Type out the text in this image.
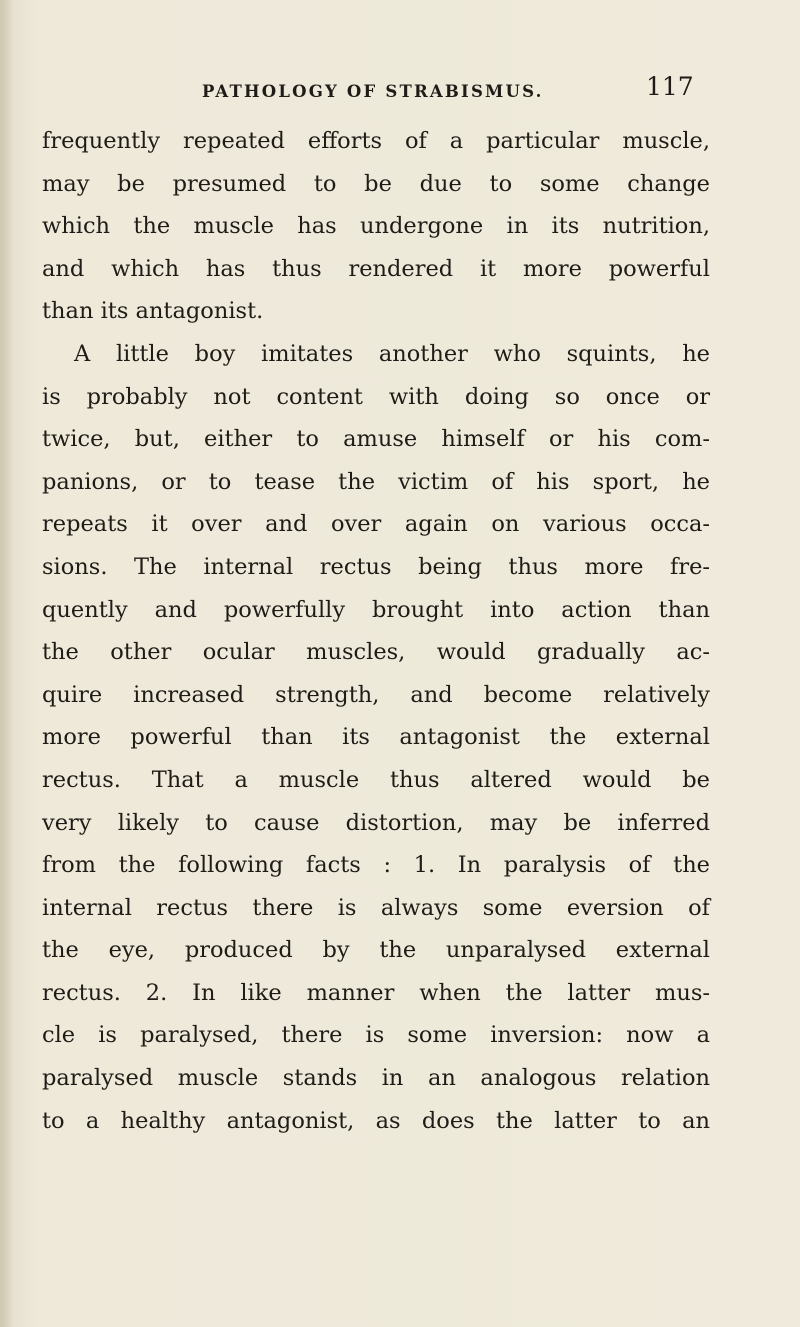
PATHOLOGY OF STRABISMUS.	117
frequently repeated efforts of a particular muscle,
may be presumed to be due to some change
which the muscle has undergone in its nutrition,
and which has thus rendered it more powerful
than its antagonist.
A little boy imitates another who squints, he
is probably not content with doing so once or
twice, but, either to amuse himself or his com-
panions, or to tease the victim of his sport, he
repeats it over and over again on various occa-
sions. The internal rectus being thus more fre-
quently and powerfully brought into action than
the other ocular muscles, would gradually ac-
quire increased strength, and become relatively
more powerful than its antagonist the external
rectus. That a muscle thus altered would be
very likely to cause distortion, may be inferred
from the following facts : 1. In paralysis of the
internal rectus there is always some eversion of
the eye, produced by the unparalysed external
rectus. 2. In like manner when the latter mus-
cle is paralysed, there is some inversion: now a
paralysed muscle stands in an analogous relation
to a healthy antagonist, as does the latter to an
